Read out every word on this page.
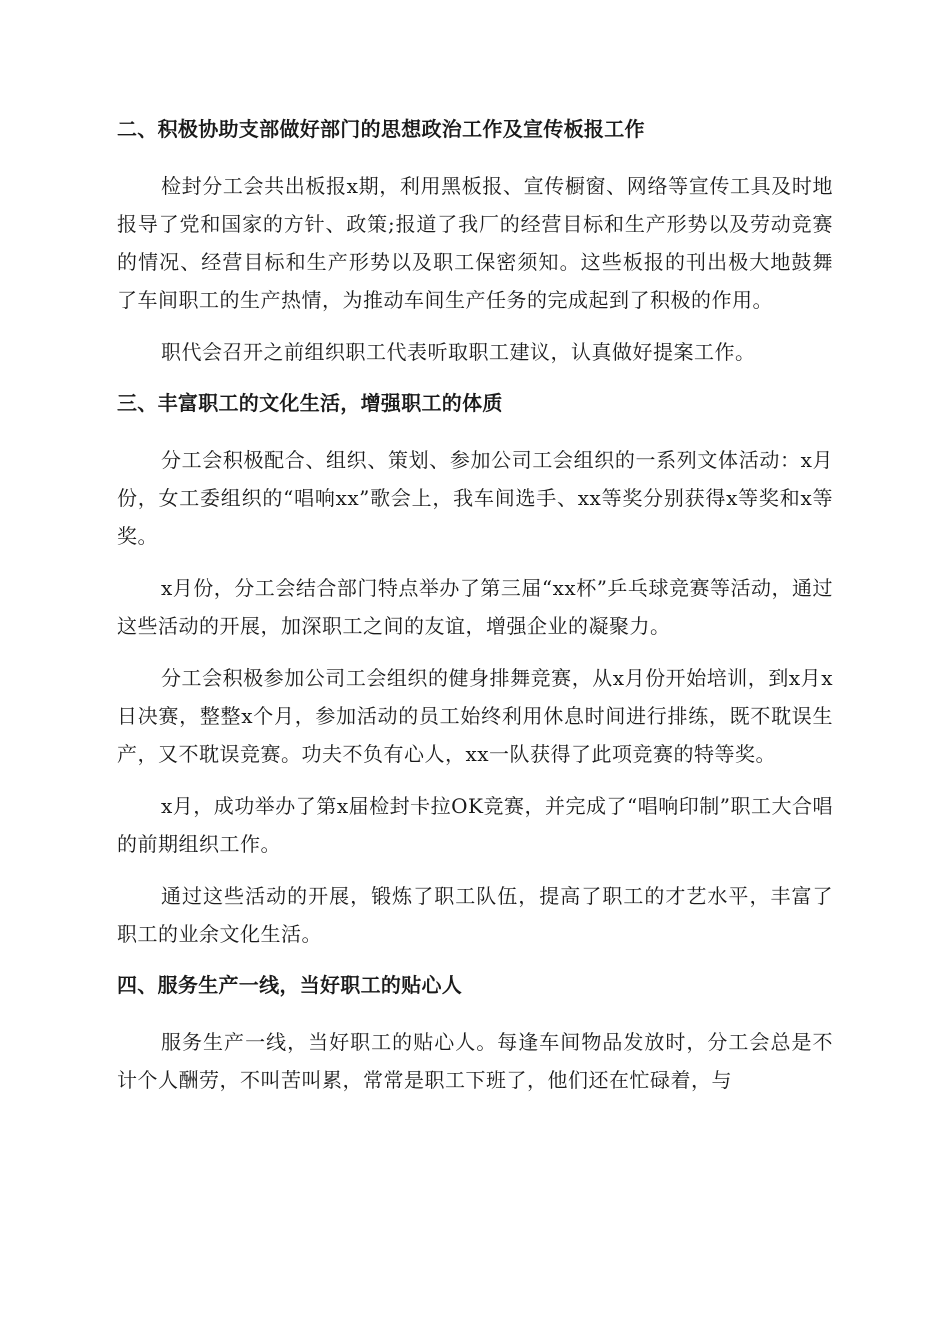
二、积极协助支部做好部门的思想政治工作及宣传板报工作

检封分工会共出板报x期，利用黑板报、宣传橱窗、网络等宣传工具及时地报导了党和国家的方针、政策;报道了我厂的经营目标和生产形势以及劳动竞赛的情况、经营目标和生产形势以及职工保密须知。这些板报的刊出极大地鼓舞了车间职工的生产热情，为推动车间生产任务的完成起到了积极的作用。

职代会召开之前组织职工代表听取职工建议，认真做好提案工作。

三、丰富职工的文化生活，增强职工的体质

分工会积极配合、组织、策划、参加公司工会组织的一系列文体活动：x月份，女工委组织的“唱响xx”歌会上，我车间选手、xx等奖分别获得x等奖和x等奖。

x月份，分工会结合部门特点举办了第三届“xx杯”乒乓球竞赛等活动，通过这些活动的开展，加深职工之间的友谊，增强企业的凝聚力。

分工会积极参加公司工会组织的健身排舞竞赛，从x月份开始培训，到x月x日决赛，整整x个月，参加活动的员工始终利用休息时间进行排练，既不耽误生产，又不耽误竞赛。功夫不负有心人，xx一队获得了此项竞赛的特等奖。

x月，成功举办了第x届检封卡拉OK竞赛，并完成了“唱响印制”职工大合唱的前期组织工作。

通过这些活动的开展，锻炼了职工队伍，提高了职工的才艺水平，丰富了职工的业余文化生活。

四、服务生产一线，当好职工的贴心人

服务生产一线，当好职工的贴心人。每逢车间物品发放时，分工会总是不计个人酬劳，不叫苦叫累，常常是职工下班了，他们还在忙碌着，与
